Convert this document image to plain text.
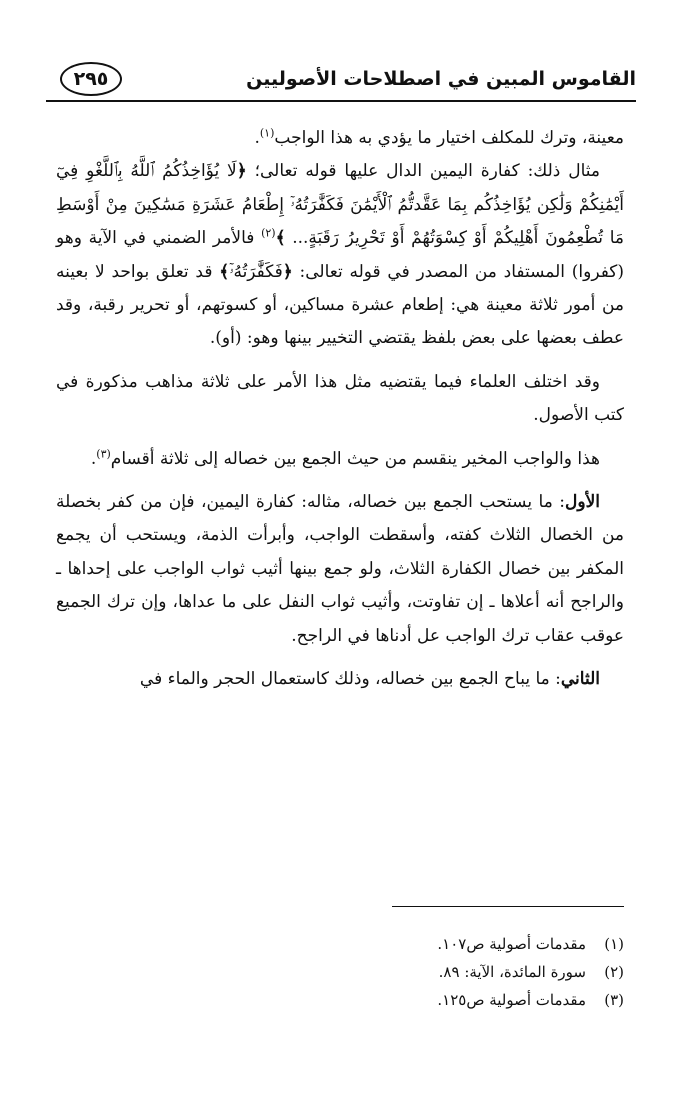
القاموس المبين في اصطلاحات الأصوليين
٢٩٥

معينة، وترك للمكلف اختيار ما يؤدي به هذا الواجب$^{(١)}$.

مثال ذلك: كفارة اليمين الدال عليها قوله تعالى؛ ﴿لَا يُؤَاخِذُكُمُ ٱللَّهُ بِٱللَّغْوِ فِيٓ أَيْمَٰنِكُمْ وَلَٰكِن يُؤَاخِذُكُم بِمَا عَقَّدتُّمُ ٱلْأَيْمَٰنَ فَكَفَّٰرَتُهُۥٓ إِطْعَامُ عَشَرَةِ مَسَٰكِينَ مِنْ أَوْسَطِ مَا تُطْعِمُونَ أَهْلِيكُمْ أَوْ كِسْوَتُهُمْ أَوْ تَحْرِيرُ رَقَبَةٍ... ﴾$^{(٢)}$ فالأمر الضمني في الآية وهو (كفروا) المستفاد من المصدر في قوله تعالى: ﴿فَكَفَّٰرَتُهُۥٓ﴾ قد تعلق بواحد لا بعينه من أمور ثلاثة معينة هي: إطعام عشرة مساكين، أو كسوتهم، أو تحرير رقبة، وقد عطف بعضها على بعض بلفظ يقتضي التخيير بينها وهو: (أو).

وقد اختلف العلماء فيما يقتضيه مثل هذا الأمر على ثلاثة مذاهب مذكورة في كتب الأصول.

هذا والواجب المخير ينقسم من حيث الجمع بين خصاله إلى ثلاثة أقسام$^{(٣)}$.

الأول: ما يستحب الجمع بين خصاله، مثاله: كفارة اليمين، فإن من كفر بخصلة من الخصال الثلاث كفته، وأسقطت الواجب، وأبرأت الذمة، ويستحب أن يجمع المكفر بين خصال الكفارة الثلاث، ولو جمع بينها أثيب ثواب الواجب على إحداها ـ والراجح أنه أعلاها ـ إن تفاوتت، وأثيب ثواب النفل على ما عداها، وإن ترك الجميع عوقب عقاب ترك الواجب عل أدناها في الراجح.

الثاني: ما يباح الجمع بين خصاله، وذلك كاستعمال الحجر والماء في

(١)مقدمات أصولية ص١٠٧.
(٢)سورة المائدة، الآية: ٨٩.
(٣)مقدمات أصولية ص١٢٥.
